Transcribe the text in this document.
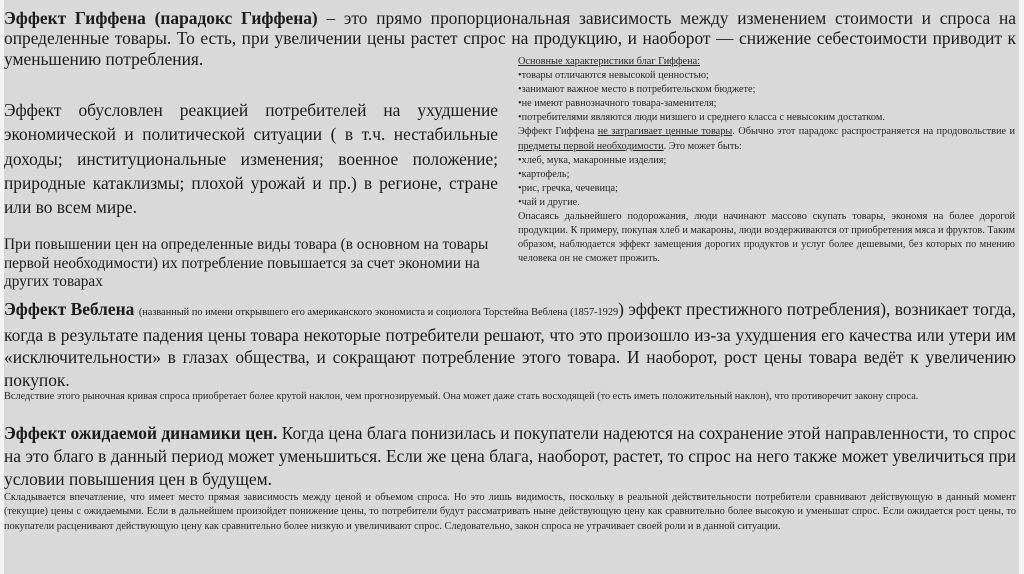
Эффект Гиффена (парадокс Гиффена) – это прямо пропорциональная зависимость между изменением стоимости и спроса на определенные товары. То есть, при увеличении цены растет спрос на продукцию, и наоборот — снижение себестоимости приводит к уменьшению потребления.

Эффект обусловлен реакцией потребителей на ухудшение экономической и политической ситуации ( в т.ч. нестабильные доходы; институциональные изменения; военное положение; природные катаклизмы; плохой урожай и пр.) в регионе, стране или во всем мире.

При повышении цен на определенные виды товара (в основном на товары первой необходимости) их потребление повышается за счет экономии на других товарах

Основные характеристики благ Гиффена:
•товары отличаются невысокой ценностью;
•занимают важное место в потребительском бюджете;
•не имеют равнозначного товара-заменителя;
•потребителями являются люди низшего и среднего класса с невысоким достатком.
Эффект Гиффена не затрагивает ценные товары. Обычно этот парадокс распространяется на продовольствие и предметы первой необходимости. Это может быть:
•хлеб, мука, макаронные изделия;
•картофель;
•рис, гречка, чечевица;
•чай и другие.
Опасаясь дальнейшего подорожания, люди начинают массово скупать товары, экономя на более дорогой продукции. К примеру, покупая хлеб и макароны, люди воздерживаются от приобретения мяса и фруктов. Таким образом, наблюдается эффект замещения дорогих продуктов и услуг более дешевыми, без которых по мнению человека он не сможет прожить.

Эффект Веблена (названный по имени открывшего его американского экономиста и социолога Торстейна Веблена (1857-1929) эффект престижного потребления), возникает тогда, когда в результате падения цены товара некоторые потребители решают, что это произошло из-за ухудшения его качества или утери им «исключительности» в глазах общества, и сокращают потребление этого товара. И наоборот, рост цены товара ведёт к увеличению покупок.

Вследствие этого рыночная кривая спроса приобретает более крутой наклон, чем прогнозируемый. Она может даже стать восходящей (то есть иметь положительный наклон), что противоречит закону спроса.

Эффект ожидаемой динамики цен. Когда цена блага понизилась и покупатели надеются на сохранение этой направленности, то спрос на это благо в данный период может уменьшиться. Если же цена блага, наоборот, растет, то спрос на него также может увеличиться при условии повышения цен в будущем.

Складывается впечатление, что имеет место прямая зависимость между ценой и объемом спроса. Но это лишь видимость, поскольку в реальной действительности потребители сравнивают действующую в данный момент (текущие) цены с ожидаемыми. Если в дальнейшем произойдет понижение цены, то потребители будут рассматривать ныне действующую цену как сравнительно более высокую и уменьшат спрос. Если ожидается рост цены, то покупатели расценивают действующую цену как сравнительно более низкую и увеличивают спрос. Следовательно, закон спроса не утрачивает своей роли и в данной ситуации.
